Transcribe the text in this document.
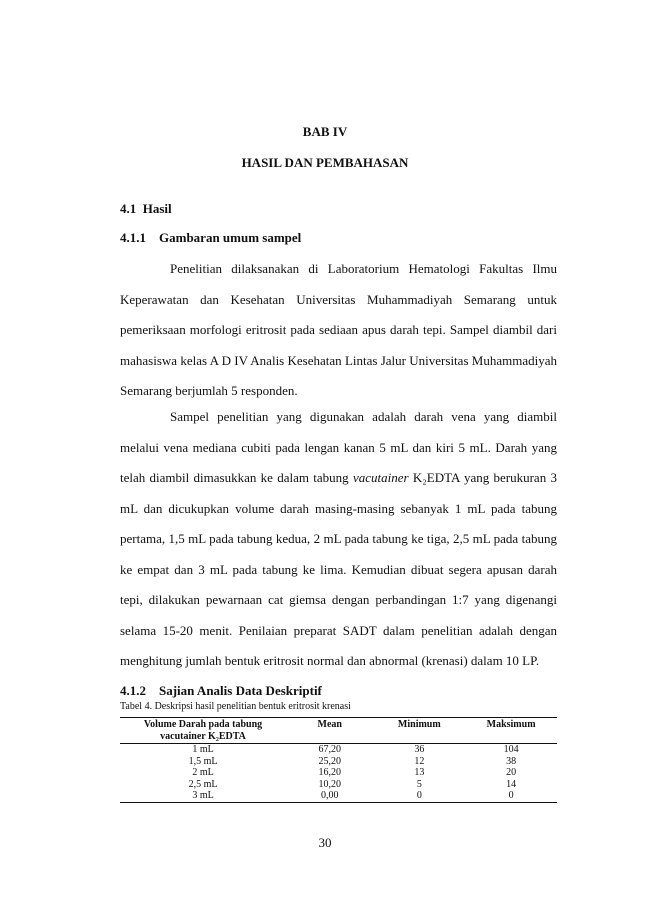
BAB IV
HASIL DAN PEMBAHASAN
4.1  Hasil
4.1.1    Gambaran umum sampel

Penelitian dilaksanakan di Laboratorium Hematologi Fakultas Ilmu Keperawatan dan Kesehatan Universitas Muhammadiyah Semarang untuk pemeriksaan morfologi eritrosit pada sediaan apus darah tepi. Sampel diambil dari mahasiswa kelas A D IV Analis Kesehatan Lintas Jalur Universitas Muhammadiyah Semarang berjumlah 5 responden.

Sampel penelitian yang digunakan adalah darah vena yang diambil melalui vena mediana cubiti pada lengan kanan 5 mL dan kiri 5 mL. Darah yang telah diambil dimasukkan ke dalam tabung vacutainer K₂EDTA yang berukuran 3 mL dan dicukupkan volume darah masing-masing sebanyak 1 mL pada tabung pertama, 1,5 mL pada tabung kedua, 2 mL pada tabung ke tiga, 2,5 mL pada tabung ke empat dan 3 mL pada tabung ke lima. Kemudian dibuat segera apusan darah tepi, dilakukan pewarnaan cat giemsa dengan perbandingan 1:7 yang digenangi selama 15-20 menit. Penilaian preparat SADT dalam penelitian adalah dengan menghitung jumlah bentuk eritrosit normal dan abnormal (krenasi) dalam 10 LP.

4.1.2    Sajian Analis Data Deskriptif
Tabel 4. Deskripsi hasil penelitian bentuk eritrosit krenasi
Volume Darah pada tabung vacutainer K₂EDTA	Mean	Minimum	Maksimum
1 mL	67,20	36	104
1,5 mL	25,20	12	38
2 mL	16,20	13	20
2,5 mL	10,20	5	14
3 mL	0,00	0	0
30
